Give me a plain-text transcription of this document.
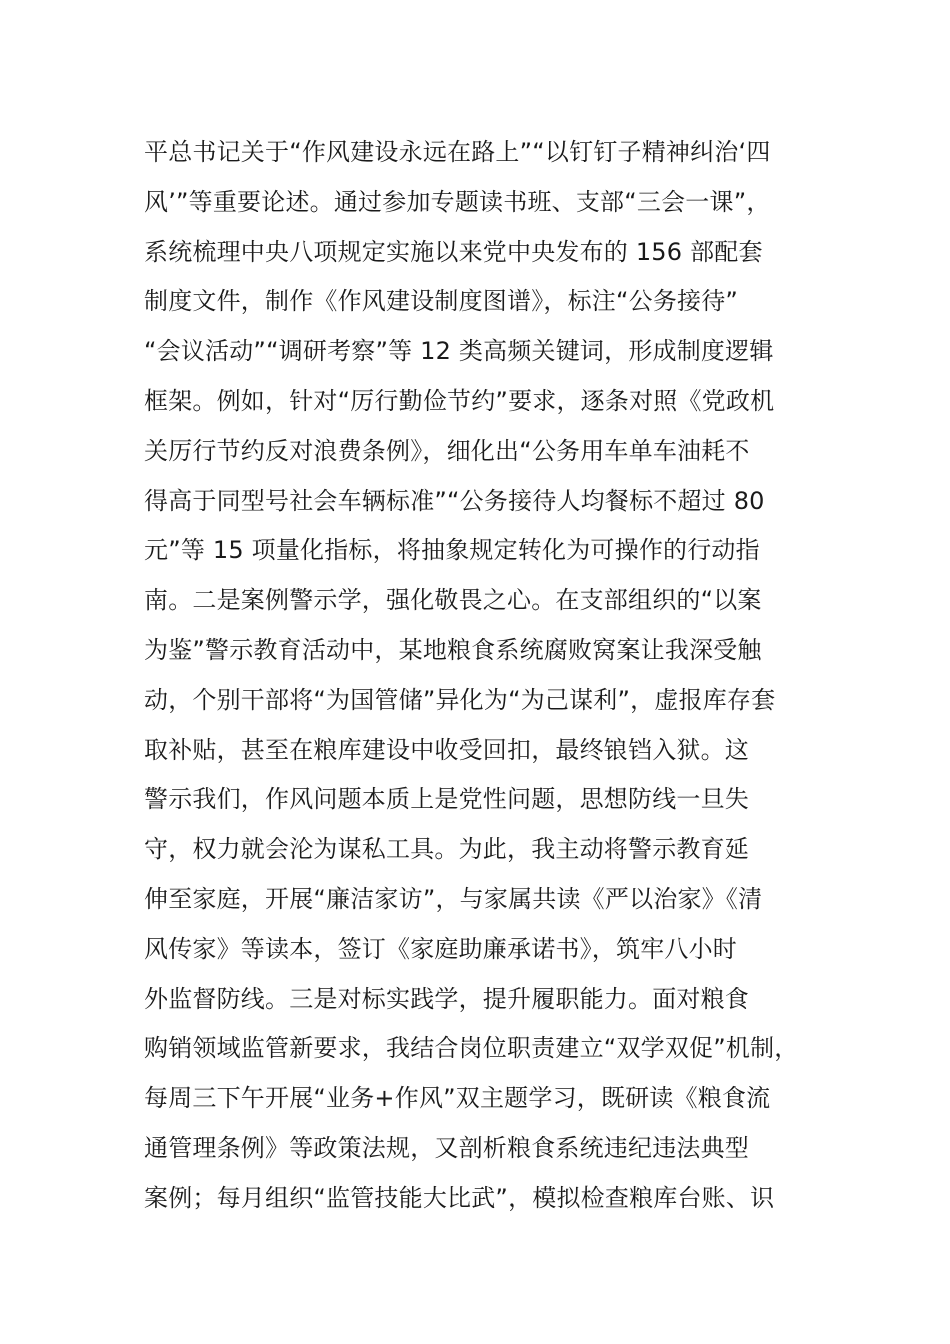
平总书记关于“作风建设永远在路上”“以钉钉子精神纠治‘四
风’”等重要论述。通过参加专题读书班、支部“三会一课”，
系统梳理中央八项规定实施以来党中央发布的 156 部配套
制度文件，制作《作风建设制度图谱》，标注“公务接待”
“会议活动”“调研考察”等 12 类高频关键词，形成制度逻辑
框架。例如，针对“厉行勤俭节约”要求，逐条对照《党政机
关厉行节约反对浪费条例》，细化出“公务用车单车油耗不
得高于同型号社会车辆标准”“公务接待人均餐标不超过 80
元”等 15 项量化指标，将抽象规定转化为可操作的行动指
南。二是案例警示学，强化敬畏之心。在支部组织的“以案
为鉴”警示教育活动中，某地粮食系统腐败窝案让我深受触
动，个别干部将“为国管储”异化为“为己谋利”，虚报库存套
取补贴，甚至在粮库建设中收受回扣，最终锒铛入狱。这
警示我们，作风问题本质上是党性问题，思想防线一旦失
守，权力就会沦为谋私工具。为此，我主动将警示教育延
伸至家庭，开展“廉洁家访”，与家属共读《严以治家》《清
风传家》等读本，签订《家庭助廉承诺书》，筑牢八小时
外监督防线。三是对标实践学，提升履职能力。面对粮食
购销领域监管新要求，我结合岗位职责建立“双学双促”机制，
每周三下午开展“业务+作风”双主题学习，既研读《粮食流
通管理条例》等政策法规，又剖析粮食系统违纪违法典型
案例；每月组织“监管技能大比武”，模拟检查粮库台账、识
